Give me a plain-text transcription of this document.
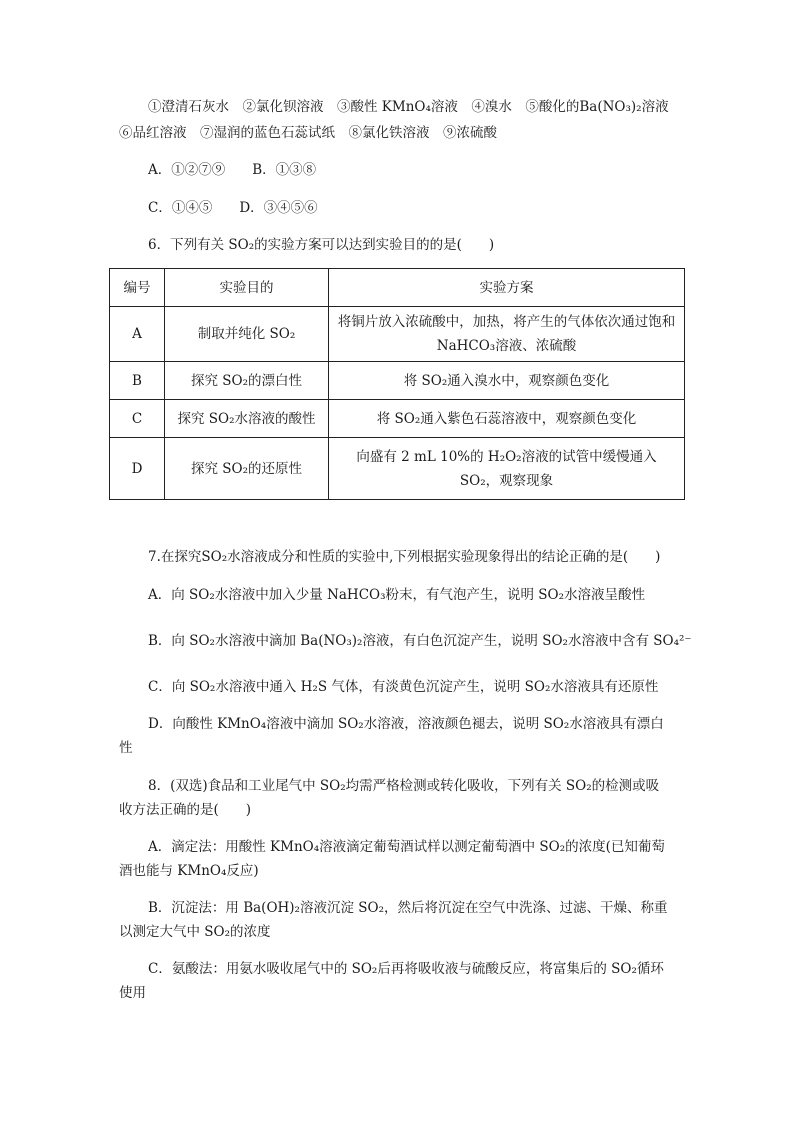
①澄清石灰水　②氯化钡溶液　③酸性 KMnO₄溶液　④溴水　⑤酸化的Ba(NO₃)₂溶液
⑥品红溶液　⑦湿润的蓝色石蕊试纸　⑧氯化铁溶液　⑨浓硫酸
A．①②⑦⑨　　B．①③⑧
C．①④⑤　　D．③④⑤⑥
6．下列有关 SO₂的实验方案可以达到实验目的的是(　　)
编号	实验目的	实验方案
A	制取并纯化 SO₂	将铜片放入浓硫酸中，加热，将产生的气体依次通过饱和 NaHCO₃溶液、浓硫酸
B	探究 SO₂的漂白性	将 SO₂通入溴水中，观察颜色变化
C	探究 SO₂水溶液的酸性	将 SO₂通入紫色石蕊溶液中，观察颜色变化
D	探究 SO₂的还原性	向盛有 2 mL 10%的 H₂O₂溶液的试管中缓慢通入 SO₂，观察现象
7.在探究SO₂水溶液成分和性质的实验中,下列根据实验现象得出的结论正确的是(　　)
A．向 SO₂水溶液中加入少量 NaHCO₃粉末，有气泡产生，说明 SO₂水溶液呈酸性
B．向 SO₂水溶液中滴加 Ba(NO₃)₂溶液，有白色沉淀产生，说明 SO₂水溶液中含有 SO₄²⁻
C．向 SO₂水溶液中通入 H₂S 气体，有淡黄色沉淀产生，说明 SO₂水溶液具有还原性
D．向酸性 KMnO₄溶液中滴加 SO₂水溶液，溶液颜色褪去，说明 SO₂水溶液具有漂白
性
8．(双选)食品和工业尾气中 SO₂均需严格检测或转化吸收，下列有关 SO₂的检测或吸
收方法正确的是(　　)
A．滴定法：用酸性 KMnO₄溶液滴定葡萄酒试样以测定葡萄酒中 SO₂的浓度(已知葡萄
酒也能与 KMnO₄反应)
B．沉淀法：用 Ba(OH)₂溶液沉淀 SO₂，然后将沉淀在空气中洗涤、过滤、干燥、称重
以测定大气中 SO₂的浓度
C．氨酸法：用氨水吸收尾气中的 SO₂后再将吸收液与硫酸反应，将富集后的 SO₂循环
使用
